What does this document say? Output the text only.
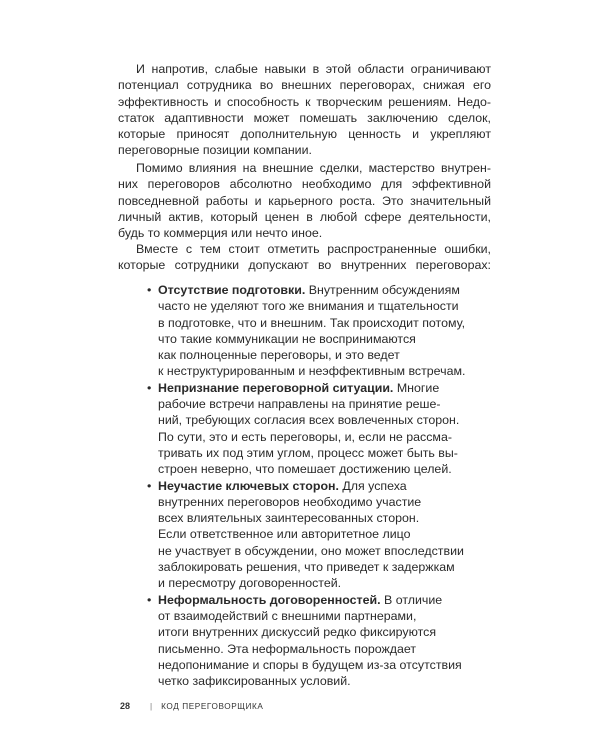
И напротив, слабые навыки в этой области ограничивают
потенциал сотрудника во внешних переговорах, снижая его
эффективность и способность к творческим решениям. Недо-
статок адаптивности может помешать заключению сделок,
которые приносят дополнительную ценность и укрепляют
переговорные позиции компании.
Помимо влияния на внешние сделки, мастерство внутрен-
них переговоров абсолютно необходимо для эффективной
повседневной работы и карьерного роста. Это значительный
личный актив, который ценен в любой сфере деятельности,
будь то коммерция или нечто иное.
Вместе с тем стоит отметить распространенные ошибки,
которые сотрудники допускают во внутренних переговорах:
• Отсутствие подготовки. Внутренним обсуждениям
часто не уделяют того же внимания и тщательности
в подготовке, что и внешним. Так происходит потому,
что такие коммуникации не воспринимаются
как полноценные переговоры, и это ведет
к неструктурированным и неэффективным встречам.
• Непризнание переговорной ситуации. Многие
рабочие встречи направлены на принятие реше-
ний, требующих согласия всех вовлеченных сторон.
По сути, это и есть переговоры, и, если не рассма-
тривать их под этим углом, процесс может быть вы-
строен неверно, что помешает достижению целей.
• Неучастие ключевых сторон. Для успеха
внутренних переговоров необходимо участие
всех влиятельных заинтересованных сторон.
Если ответственное или авторитетное лицо
не участвует в обсуждении, оно может впоследствии
заблокировать решения, что приведет к задержкам
и пересмотру договоренностей.
• Неформальность договоренностей. В отличие
от взаимодействий с внешними партнерами,
итоги внутренних дискуссий редко фиксируются
письменно. Эта неформальность порождает
недопонимание и споры в будущем из-за отсутствия
четко зафиксированных условий.
28 | КОД ПЕРЕГОВОРЩИКА
